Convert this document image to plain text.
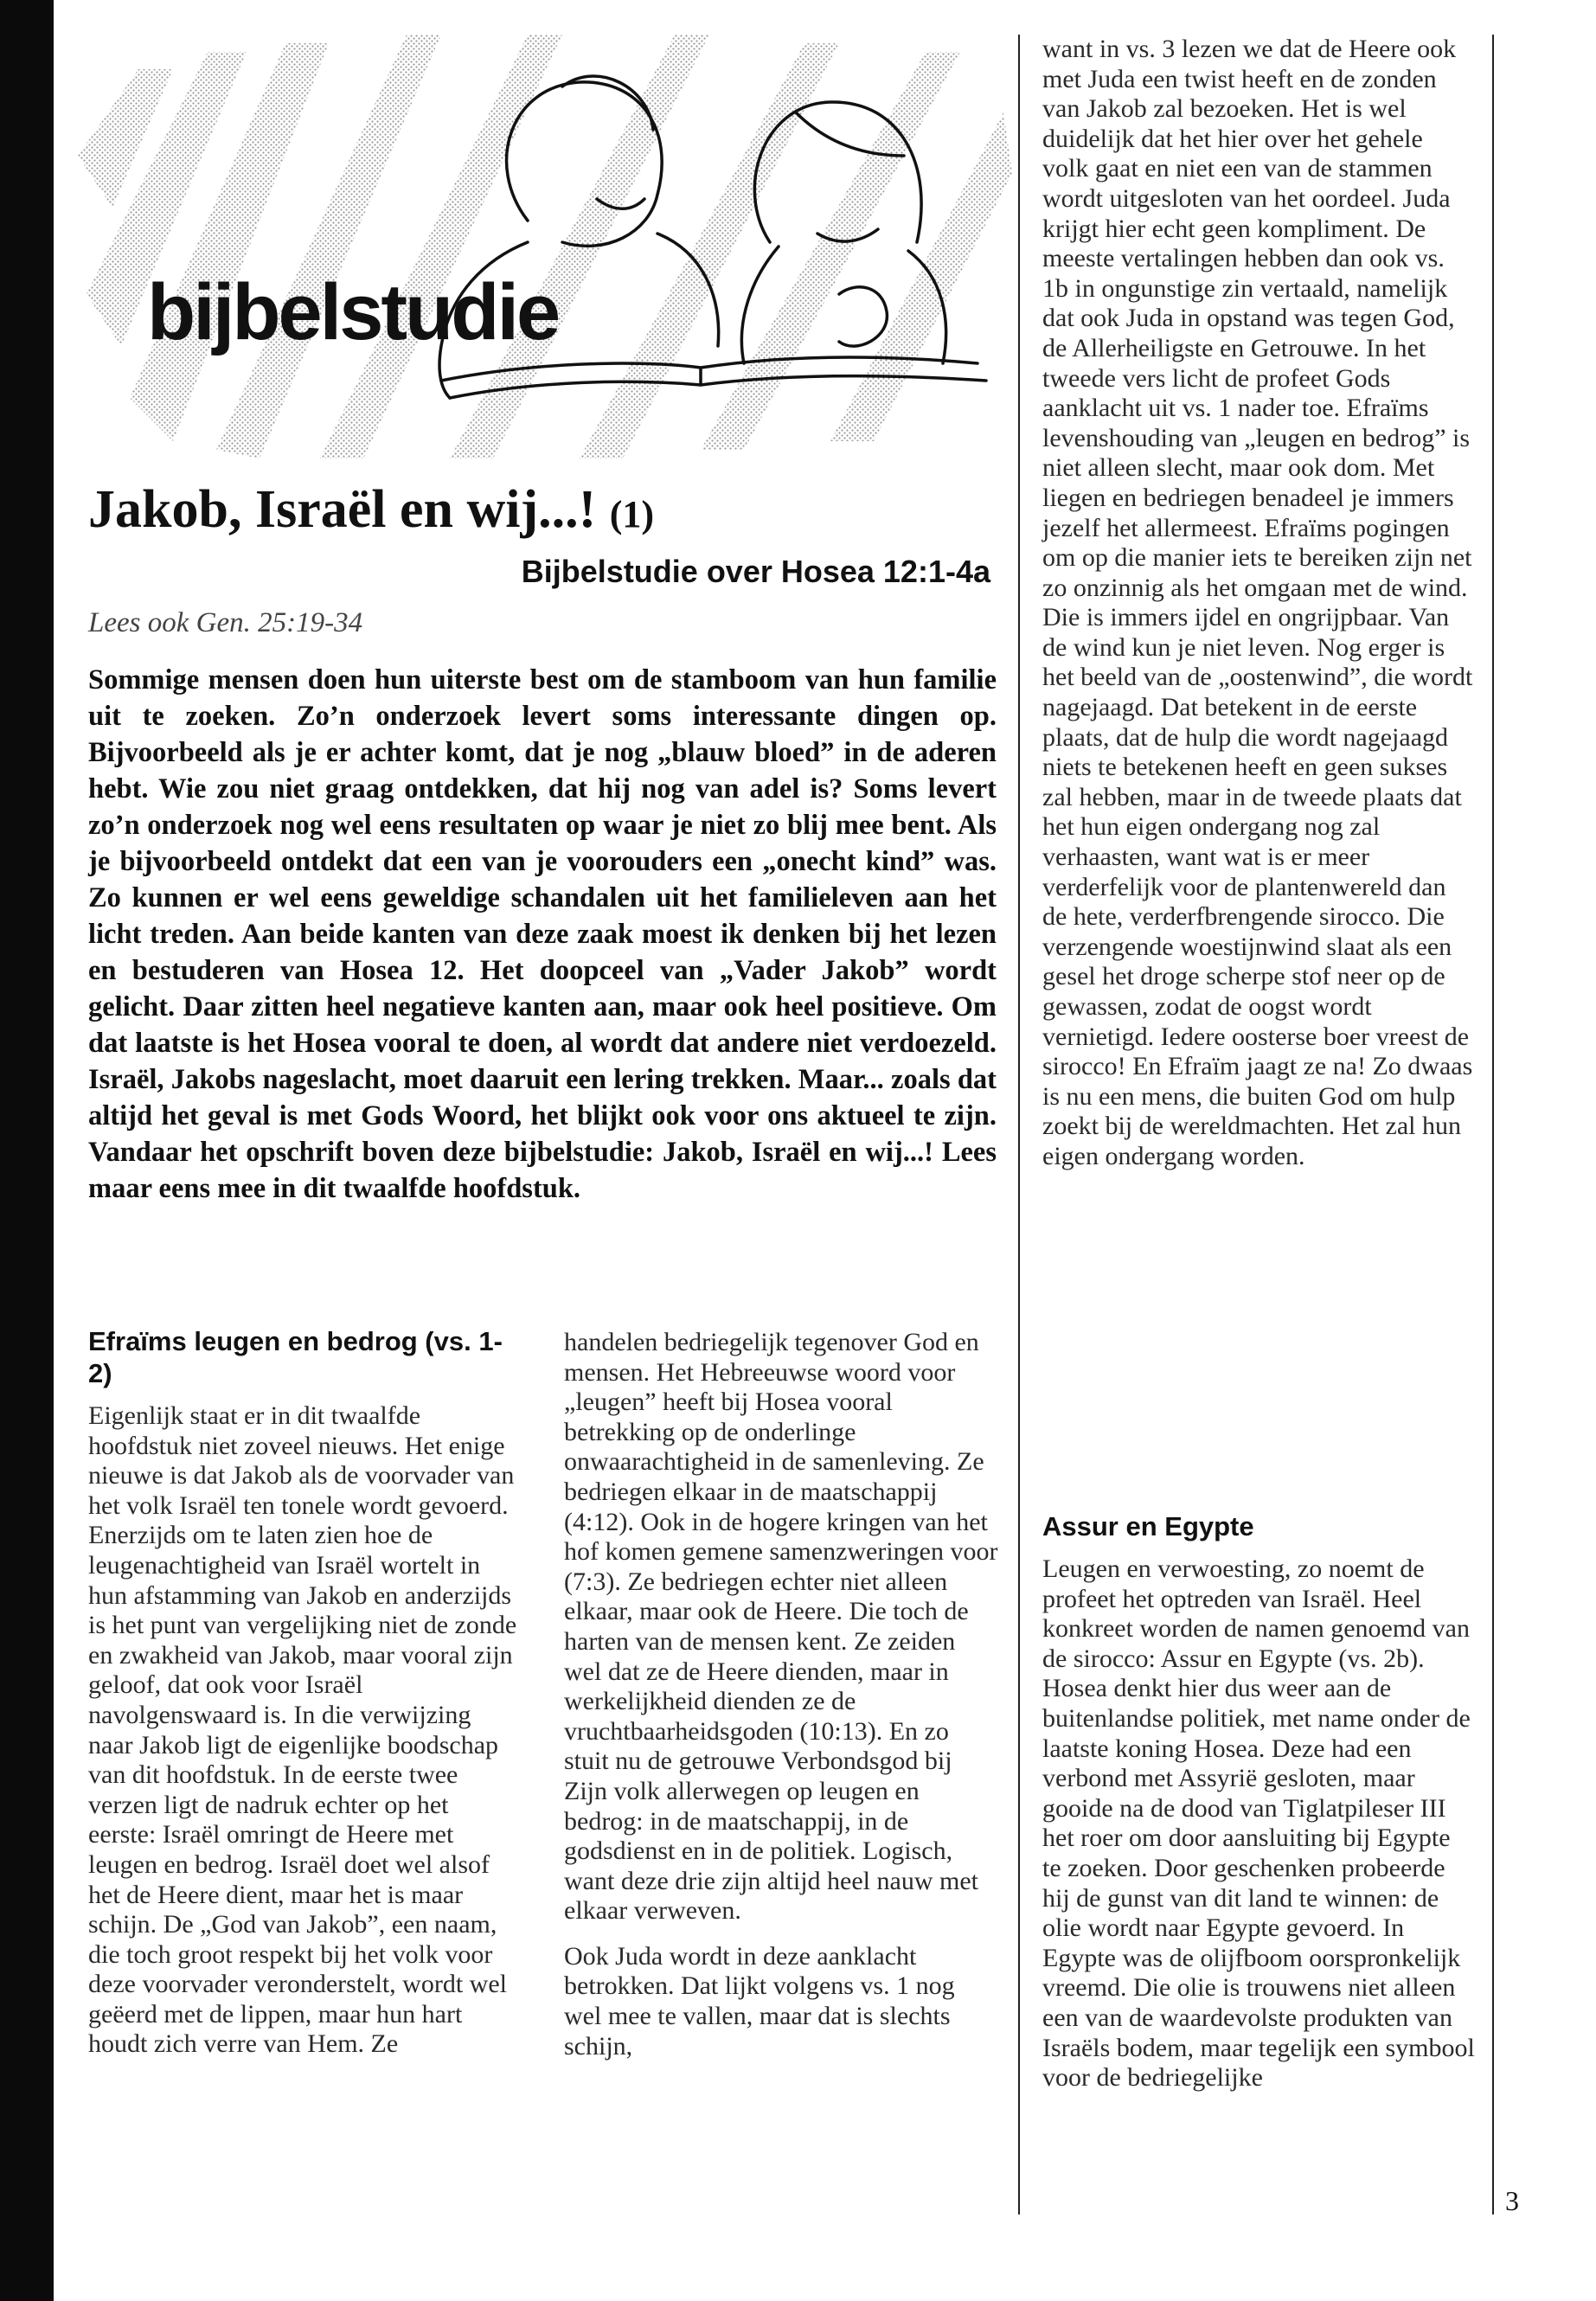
bijbelstudie
Jakob, Israël en wij...! (1)
Bijbelstudie over Hosea 12:1-4a
Lees ook Gen. 25:19-34

Sommige mensen doen hun uiterste best om de stamboom van hun familie uit te zoeken. Zo’n onderzoek levert soms interessante dingen op. Bijvoorbeeld als je er achter komt, dat je nog „blauw bloed” in de aderen hebt. Wie zou niet graag ontdekken, dat hij nog van adel is? Soms levert zo’n onderzoek nog wel eens resultaten op waar je niet zo blij mee bent. Als je bijvoorbeeld ontdekt dat een van je voorouders een „onecht kind” was. Zo kunnen er wel eens geweldige schandalen uit het familieleven aan het licht treden. Aan beide kanten van deze zaak moest ik denken bij het lezen en bestuderen van Hosea 12. Het doopceel van „Vader Jakob” wordt gelicht. Daar zitten heel negatieve kanten aan, maar ook heel positieve. Om dat laatste is het Hosea vooral te doen, al wordt dat andere niet verdoezeld. Israël, Jakobs nageslacht, moet daaruit een lering trekken. Maar... zoals dat altijd het geval is met Gods Woord, het blijkt ook voor ons aktueel te zijn. Vandaar het opschrift boven deze bijbelstudie: Jakob, Israël en wij...! Lees maar eens mee in dit twaalfde hoofdstuk.

Efraïms leugen en bedrog (vs. 1-2)

Eigenlijk staat er in dit twaalfde hoofdstuk niet zoveel nieuws. Het enige nieuwe is dat Jakob als de voorvader van het volk Israël ten tonele wordt gevoerd. Enerzijds om te laten zien hoe de leugenachtigheid van Israël wortelt in hun afstamming van Jakob en anderzijds is het punt van vergelijking niet de zonde en zwakheid van Jakob, maar vooral zijn geloof, dat ook voor Israël navolgenswaard is. In die verwijzing naar Jakob ligt de eigenlijke boodschap van dit hoofdstuk. In de eerste twee verzen ligt de nadruk echter op het eerste: Israël omringt de Heere met leugen en bedrog. Israël doet wel alsof het de Heere dient, maar het is maar schijn. De „God van Jakob”, een naam, die toch groot respekt bij het volk voor deze voorvader veronderstelt, wordt wel geëerd met de lippen, maar hun hart houdt zich verre van Hem. Ze

handelen bedriegelijk tegenover God en mensen. Het Hebreeuwse woord voor „leugen” heeft bij Hosea vooral betrekking op de onderlinge onwaarachtigheid in de samenleving. Ze bedriegen elkaar in de maatschappij (4:12). Ook in de hogere kringen van het hof komen gemene samenzweringen voor (7:3). Ze bedriegen echter niet alleen elkaar, maar ook de Heere. Die toch de harten van de mensen kent. Ze zeiden wel dat ze de Heere dienden, maar in werkelijkheid dienden ze de vruchtbaarheidsgoden (10:13). En zo stuit nu de getrouwe Verbondsgod bij Zijn volk allerwegen op leugen en bedrog: in de maatschappij, in de godsdienst en in de politiek. Logisch, want deze drie zijn altijd heel nauw met elkaar verweven.

Ook Juda wordt in deze aanklacht betrokken. Dat lijkt volgens vs. 1 nog wel mee te vallen, maar dat is slechts schijn,

want in vs. 3 lezen we dat de Heere ook met Juda een twist heeft en de zonden van Jakob zal bezoeken. Het is wel duidelijk dat het hier over het gehele volk gaat en niet een van de stammen wordt uitgesloten van het oordeel. Juda krijgt hier echt geen kompliment. De meeste vertalingen hebben dan ook vs. 1b in ongunstige zin vertaald, namelijk dat ook Juda in opstand was tegen God, de Allerheiligste en Getrouwe. In het tweede vers licht de profeet Gods aanklacht uit vs. 1 nader toe. Efraïms levenshouding van „leugen en bedrog” is niet alleen slecht, maar ook dom. Met liegen en bedriegen benadeel je immers jezelf het allermeest. Efraïms pogingen om op die manier iets te bereiken zijn net zo onzinnig als het omgaan met de wind. Die is immers ijdel en ongrijpbaar. Van de wind kun je niet leven. Nog erger is het beeld van de „oostenwind”, die wordt nagejaagd. Dat betekent in de eerste plaats, dat de hulp die wordt nagejaagd niets te betekenen heeft en geen sukses zal hebben, maar in de tweede plaats dat het hun eigen ondergang nog zal verhaasten, want wat is er meer verderfelijk voor de plantenwereld dan de hete, verderfbrengende sirocco. Die verzengende woestijnwind slaat als een gesel het droge scherpe stof neer op de gewassen, zodat de oogst wordt vernietigd. Iedere oosterse boer vreest de sirocco! En Efraïm jaagt ze na! Zo dwaas is nu een mens, die buiten God om hulp zoekt bij de wereldmachten. Het zal hun eigen ondergang worden.

Assur en Egypte

Leugen en verwoesting, zo noemt de profeet het optreden van Israël. Heel konkreet worden de namen genoemd van de sirocco: Assur en Egypte (vs. 2b). Hosea denkt hier dus weer aan de buitenlandse politiek, met name onder de laatste koning Hosea. Deze had een verbond met Assyrië gesloten, maar gooide na de dood van Tiglatpileser III het roer om door aansluiting bij Egypte te zoeken. Door geschenken probeerde hij de gunst van dit land te winnen: de olie wordt naar Egypte gevoerd. In Egypte was de olijfboom oorspronkelijk vreemd. Die olie is trouwens niet alleen een van de waardevolste produkten van Israëls bodem, maar tegelijk een symbool voor de bedriegelijke

3
